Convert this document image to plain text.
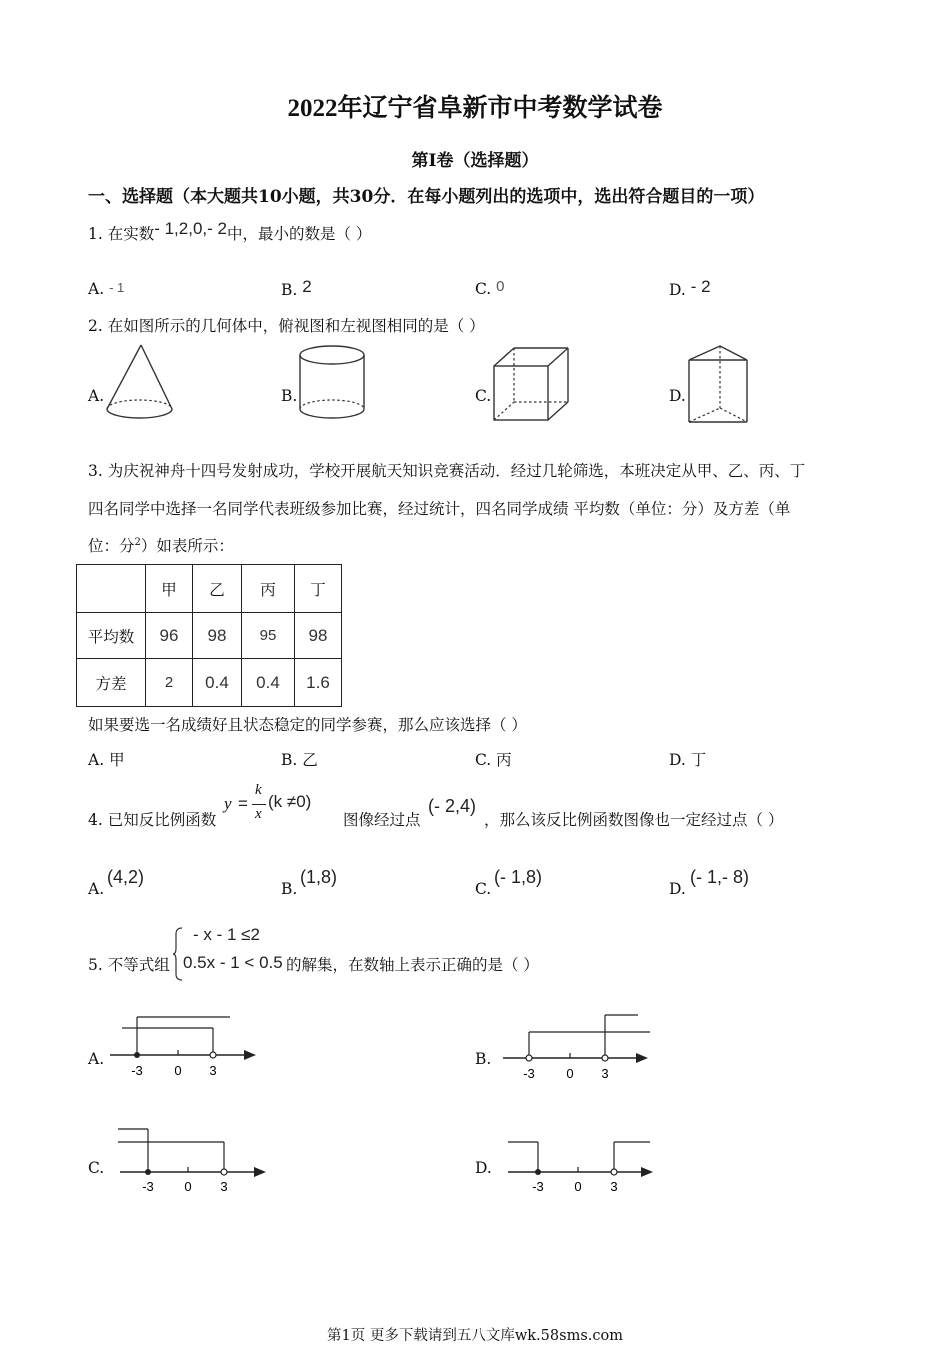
2022年辽宁省阜新市中考数学试卷
第I卷（选择题）
一、选择题（本大题共10小题，共30分．在每小题列出的选项中，选出符合题目的一项）
1. 在实数- 1,2,0,- 2中，最小的数是（ ）
A. - 1	B. 2	C. 0	D. - 2
2. 在如图所示的几何体中，俯视图和左视图相同的是（ ）
A.	B.	C.	D.
3. 为庆祝神舟十四号发射成功，学校开展航天知识竞赛活动．经过几轮筛选，本班决定从甲、乙、丙、丁
四名同学中选择一名同学代表班级参加比赛，经过统计，四名同学成绩 平均数（单位：分）及方差（单
位：分$^2$）如表所示：
	甲	乙	丙	丁
平均数	96	98	95	98
方差	2	0.4	0.4	1.6
如果要选一名成绩好且状态稳定的同学参赛，那么应该选择（ ）
A. 甲	B. 乙	C. 丙	D. 丁
4. 已知反比例函数
y =
k
x
(k ≠0)
图像经过点
(- 2,4)
，那么该反比例函数图像也一定经过点（ ）
A.
(4,2)
B.
(1,8)
C.
(- 1,8)
D.
(- 1,- 8)
5. 不等式组
- x - 1 ≤2
0.5x - 1 < 0.5 的解集，在数轴上表示正确的是（ ）
A.
-3 0 3
B.
-3 0 3
C.
-3 0 3
D.
-3 0 3
第1页 更多下载请到五八文库wk.58sms.com
